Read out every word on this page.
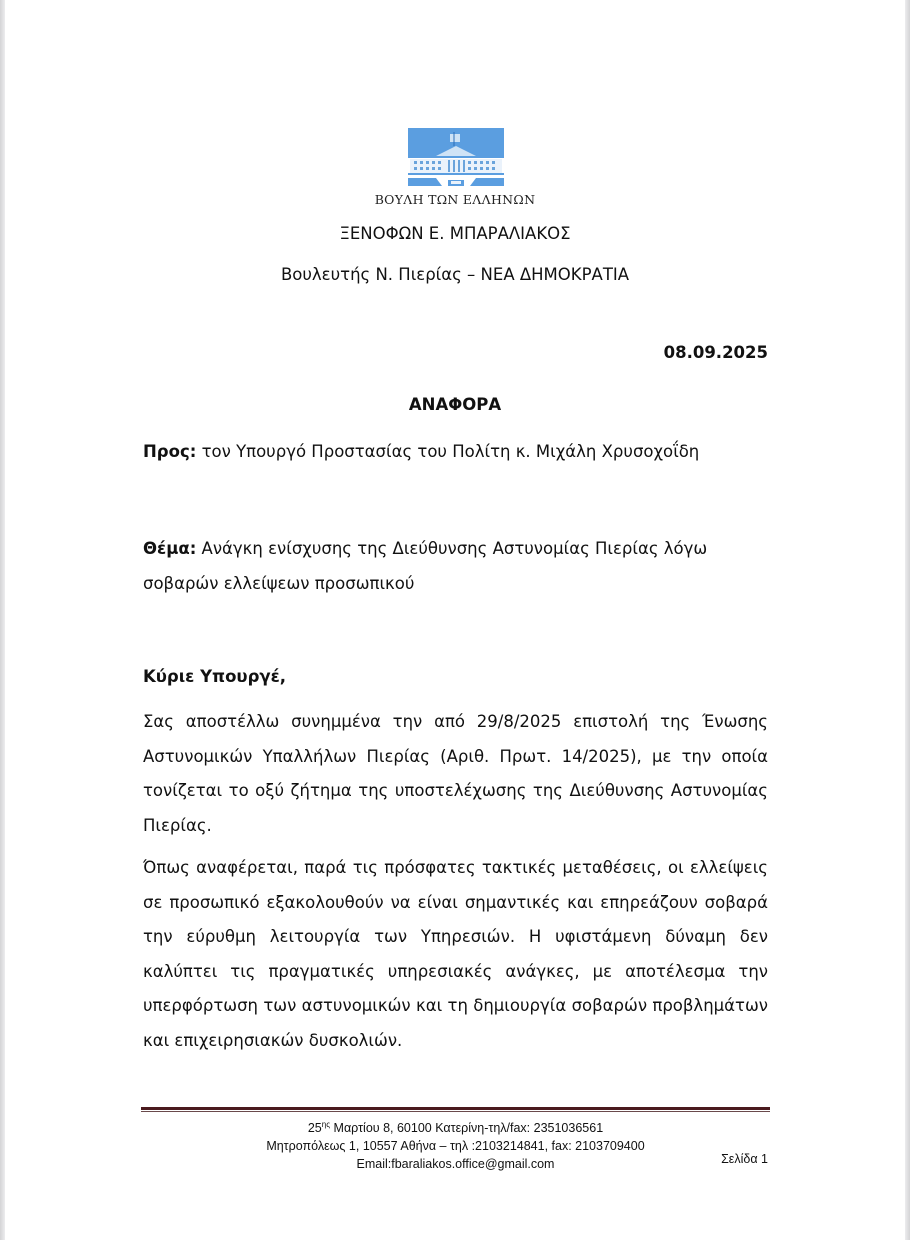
ΒΟΥΛΗ ΤΩΝ ΕΛΛΗΝΩΝ
ΞΕΝΟΦΩΝ Ε. ΜΠΑΡΑΛΙΑΚΟΣ
Βουλευτής Ν. Πιερίας – ΝΕΑ ΔΗΜΟΚΡΑΤΙΑ
08.09.2025
ΑΝΑΦΟΡΑ
Προς: τον Υπουργό Προστασίας του Πολίτη κ. Μιχάλη Χρυσοχοΐδη
Θέμα: Ανάγκη ενίσχυσης της Διεύθυνσης Αστυνομίας Πιερίας λόγω σοβαρών ελλείψεων προσωπικού
Κύριε Υπουργέ,
Σας αποστέλλω συνημμένα την από 29/8/2025 επιστολή της Ένωσης Αστυνομικών Υπαλλήλων Πιερίας (Αριθ. Πρωτ. 14/2025), με την οποία τονίζεται το οξύ ζήτημα της υποστελέχωσης της Διεύθυνσης Αστυνομίας Πιερίας.
Όπως αναφέρεται, παρά τις πρόσφατες τακτικές μεταθέσεις, οι ελλείψεις σε προσωπικό εξακολουθούν να είναι σημαντικές και επηρεάζουν σοβαρά την εύρυθμη λειτουργία των Υπηρεσιών. Η υφιστάμενη δύναμη δεν καλύπτει τις πραγματικές υπηρεσιακές ανάγκες, με αποτέλεσμα την υπερφόρτωση των αστυνομικών και τη δημιουργία σοβαρών προβλημάτων και επιχειρησιακών δυσκολιών.
$25^{\eta\varsigma}$ Μαρτίου 8, 60100 Κατερίνη-τηλ/fax: 2351036561
Μητροπόλεως 1, 10557 Αθήνα – τηλ :2103214841, fax: 2103709400
Email:fbaraliakos.office@gmail.com	Σελίδα 1
